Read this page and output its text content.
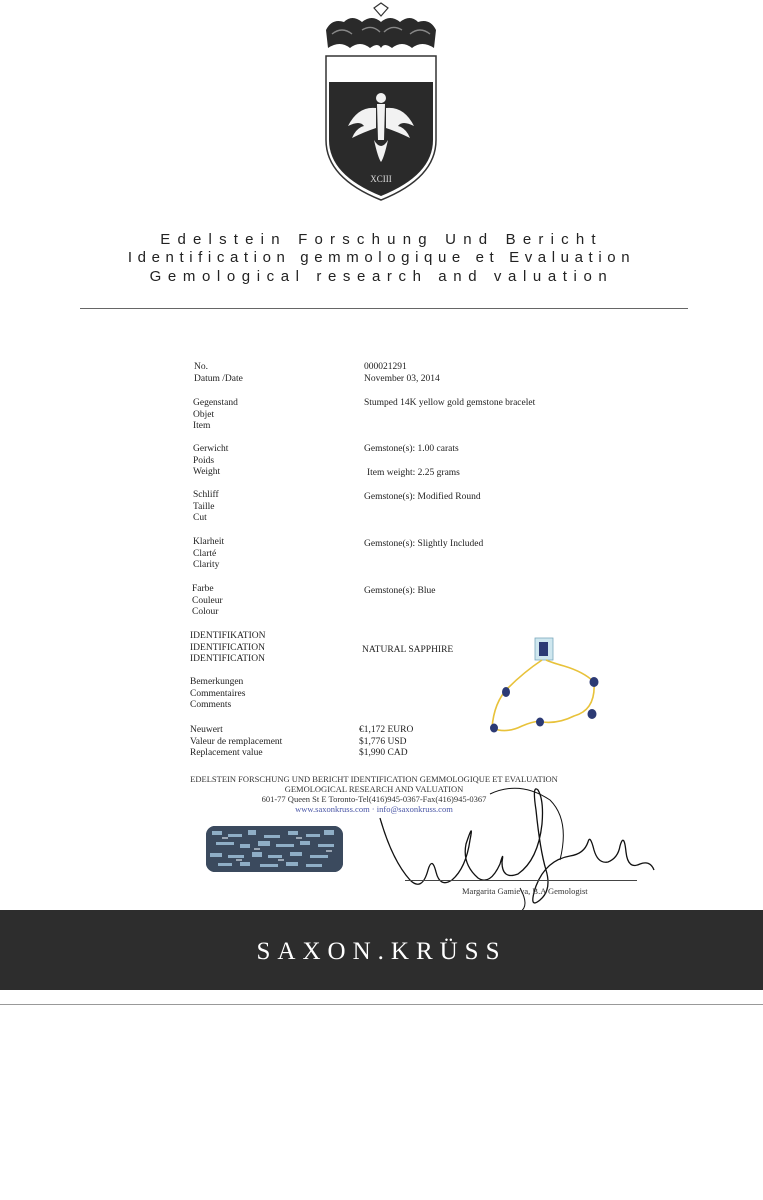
XCIII
Edelstein Forschung Und Bericht
Identification gemmologique et Evaluation
Gemological research and valuation
No.
Datum /Date
Gegenstand
Objet
Item
Gerwicht
Poids
Weight
Schliff
Taille
Cut
Klarheit
Clarté
Clarity
Farbe
Couleur
Colour
IDENTIFIKATION
IDENTIFICATION
IDENTIFICATION
Bemerkungen
Commentaires
Comments
Neuwert
Valeur de remplacement
Replacement value
000021291
November 03, 2014
Stumped 14K yellow gold gemstone bracelet
Gemstone(s): 1.00 carats
Item weight: 2.25 grams
Gemstone(s): Modified Round
Gemstone(s): Slightly Included
Gemstone(s): Blue
NATURAL SAPPHIRE
€1,172 EURO
$1,776 USD
$1,990 CAD
EDELSTEIN FORSCHUNG UND BERICHT IDENTIFICATION GEMMOLOGIQUE ET EVALUATION
GEMOLOGICAL RESEARCH AND VALUATION
601-77 Queen St E Toronto-Tel(416)945-0367-Fax(416)945-0367
www.saxonkruss.com · info@saxonkruss.com
Margarita Gamieva, B.A Gemologist
SAXON.KRÜSS
